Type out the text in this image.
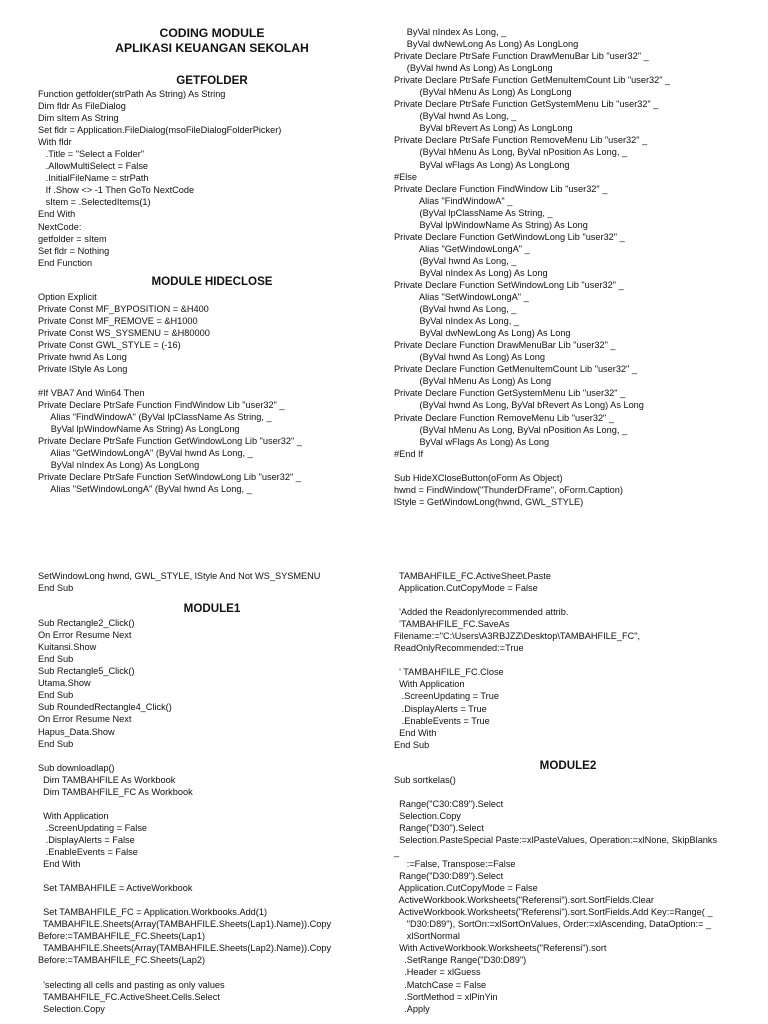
CODING MODULE
APLIKASI KEUANGAN SEKOLAH
GETFOLDER
Function getfolder(strPath As String) As String
Dim fldr As FileDialog
Dim sItem As String
Set fldr = Application.FileDialog(msoFileDialogFolderPicker)
With fldr
.Title = "Select a Folder"
.AllowMultiSelect = False
.InitialFileName = strPath
If .Show <> -1 Then GoTo NextCode
sItem = .SelectedItems(1)
End With
NextCode:
getfolder = sItem
Set fldr = Nothing
End Function
MODULE HIDECLOSE
Option Explicit
Private Const MF_BYPOSITION = &H400
Private Const MF_REMOVE = &H1000
Private Const WS_SYSMENU = &H80000
Private Const GWL_STYLE = (-16)
Private hwnd As Long
Private lStyle As Long
#If VBA7 And Win64 Then
Private Declare PtrSafe Function FindWindow Lib "user32" _
Alias "FindWindowA" (ByVal lpClassName As String, _
ByVal lpWindowName As String) As LongLong
Private Declare PtrSafe Function GetWindowLong Lib "user32" _
Alias "GetWindowLongA" (ByVal hwnd As Long, _
ByVal nIndex As Long) As LongLong
Private Declare PtrSafe Function SetWindowLong Lib "user32" _
Alias "SetWindowLongA" (ByVal hwnd As Long, _
ByVal nIndex As Long, _
ByVal dwNewLong As Long) As LongLong
Private Declare PtrSafe Function DrawMenuBar Lib "user32" _
(ByVal hwnd As Long) As LongLong
Private Declare PtrSafe Function GetMenuItemCount Lib "user32" _
(ByVal hMenu As Long) As LongLong
Private Declare PtrSafe Function GetSystemMenu Lib "user32" _
(ByVal hwnd As Long, _
ByVal bRevert As Long) As LongLong
Private Declare PtrSafe Function RemoveMenu Lib "user32" _
(ByVal hMenu As Long, ByVal nPosition As Long, _
ByVal wFlags As Long) As LongLong
#Else
Private Declare Function FindWindow Lib "user32" _
Alias "FindWindowA" _
(ByVal lpClassName As String, _
ByVal lpWindowName As String) As Long
Private Declare Function GetWindowLong Lib "user32" _
Alias "GetWindowLongA" _
(ByVal hwnd As Long, _
ByVal nIndex As Long) As Long
Private Declare Function SetWindowLong Lib "user32" _
Alias "SetWindowLongA" _
(ByVal hwnd As Long, _
ByVal nIndex As Long, _
ByVal dwNewLong As Long) As Long
Private Declare Function DrawMenuBar Lib "user32" _
(ByVal hwnd As Long) As Long
Private Declare Function GetMenuItemCount Lib "user32" _
(ByVal hMenu As Long) As Long
Private Declare Function GetSystemMenu Lib "user32" _
(ByVal hwnd As Long, ByVal bRevert As Long) As Long
Private Declare Function RemoveMenu Lib "user32" _
(ByVal hMenu As Long, ByVal nPosition As Long, _
ByVal wFlags As Long) As Long
#End If
Sub HideXCloseButton(oForm As Object)
hwnd = FindWindow("ThunderDFrame", oForm.Caption)
lStyle = GetWindowLong(hwnd, GWL_STYLE)
SetWindowLong hwnd, GWL_STYLE, lStyle And Not WS_SYSMENU
End Sub
MODULE1
Sub Rectangle2_Click()
On Error Resume Next
Kuitansi.Show
End Sub
Sub Rectangle5_Click()
Utama.Show
End Sub
Sub RoundedRectangle4_Click()
On Error Resume Next
Hapus_Data.Show
End Sub
Sub downloadlap()
Dim TAMBAHFILE As Workbook
Dim TAMBAHFILE_FC As Workbook
With Application
.ScreenUpdating = False
.DisplayAlerts = False
.EnableEvents = False
End With
Set TAMBAHFILE = ActiveWorkbook
Set TAMBAHFILE_FC = Application.Workbooks.Add(1)
TAMBAHFILE.Sheets(Array(TAMBAHFILE.Sheets(Lap1).Name)).Copy
Before:=TAMBAHFILE_FC.Sheets(Lap1)
TAMBAHFILE.Sheets(Array(TAMBAHFILE.Sheets(Lap2).Name)).Copy
Before:=TAMBAHFILE_FC.Sheets(Lap2)
'selecting all cells and pasting as only values
TAMBAHFILE_FC.ActiveSheet.Cells.Select
Selection.Copy
TAMBAHFILE_FC.ActiveSheet.Paste
Application.CutCopyMode = False
'Added the Readonlyrecommended attrib.
'TAMBAHFILE_FC.SaveAs
Filename:="C:\Users\A3RBJZZ\Desktop\TAMBAHFILE_FC",
ReadOnlyRecommended:=True
' TAMBAHFILE_FC.Close
With Application
.ScreenUpdating = True
.DisplayAlerts = True
.EnableEvents = True
End With
End Sub
MODULE2
Sub sortkelas()
Range("C30:C89").Select
Selection.Copy
Range("D30").Select
Selection.PasteSpecial Paste:=xlPasteValues, Operation:=xlNone, SkipBlanks
_
:=False, Transpose:=False
Range("D30:D89").Select
Application.CutCopyMode = False
ActiveWorkbook.Worksheets("Referensi").sort.SortFields.Clear
ActiveWorkbook.Worksheets("Referensi").sort.SortFields.Add Key:=Range( _
"D30:D89"), SortOn:=xlSortOnValues, Order:=xlAscending, DataOption:= _
xlSortNormal
With ActiveWorkbook.Worksheets("Referensi").sort
.SetRange Range("D30:D89")
.Header = xlGuess
.MatchCase = False
.SortMethod = xlPinYin
.Apply
